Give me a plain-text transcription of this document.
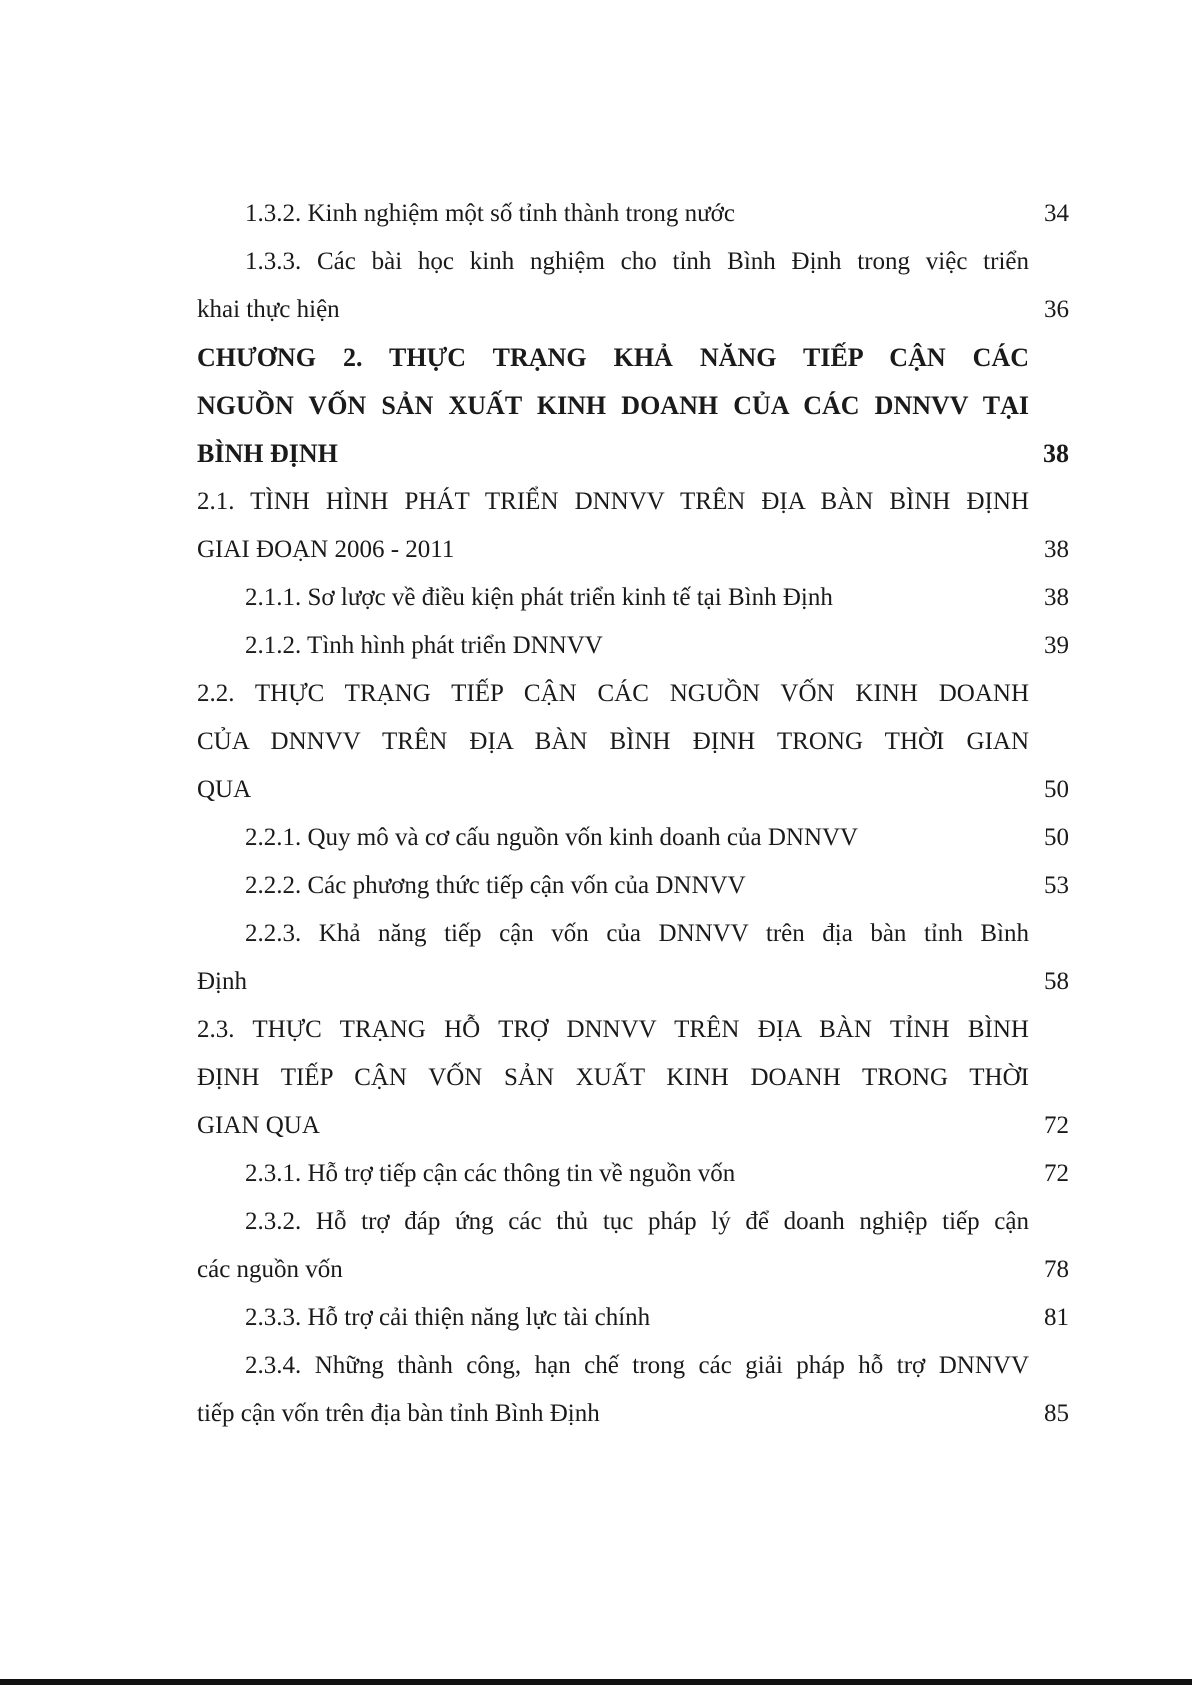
1.3.2. Kinh nghiệm một số tỉnh thành trong nước	34
1.3.3. Các bài học kinh nghiệm cho tỉnh Bình Định trong việc triển
khai thực hiện	36
CHƯƠNG 2. THỰC TRẠNG KHẢ NĂNG TIẾP CẬN CÁC
NGUỒN VỐN SẢN XUẤT KINH DOANH CỦA CÁC DNNVV TẠI
BÌNH ĐỊNH	38
2.1. TÌNH HÌNH PHÁT TRIỂN DNNVV TRÊN ĐỊA BÀN BÌNH ĐỊNH
GIAI ĐOẠN 2006 - 2011	38
2.1.1. Sơ lược về điều kiện phát triển kinh tế tại Bình Định	38
2.1.2. Tình hình phát triển DNNVV	39
2.2. THỰC TRẠNG TIẾP CẬN CÁC NGUỒN VỐN KINH DOANH
CỦA DNNVV TRÊN ĐỊA BÀN BÌNH ĐỊNH TRONG THỜI GIAN
QUA	50
2.2.1. Quy mô và cơ cấu nguồn vốn kinh doanh của DNNVV	50
2.2.2. Các phương thức tiếp cận vốn của DNNVV	53
2.2.3. Khả năng tiếp cận vốn của DNNVV trên địa bàn tỉnh Bình
Định	58
2.3. THỰC TRẠNG HỖ TRỢ DNNVV TRÊN ĐỊA BÀN TỈNH BÌNH
ĐỊNH TIẾP CẬN VỐN SẢN XUẤT KINH DOANH TRONG THỜI
GIAN QUA	72
2.3.1. Hỗ trợ tiếp cận các thông tin về nguồn vốn	72
2.3.2. Hỗ trợ đáp ứng các thủ tục pháp lý để doanh nghiệp tiếp cận
các nguồn vốn	78
2.3.3. Hỗ trợ cải thiện năng lực tài chính	81
2.3.4. Những thành công, hạn chế trong các giải pháp hỗ trợ DNNVV
tiếp cận vốn trên địa bàn tỉnh Bình Định	85
